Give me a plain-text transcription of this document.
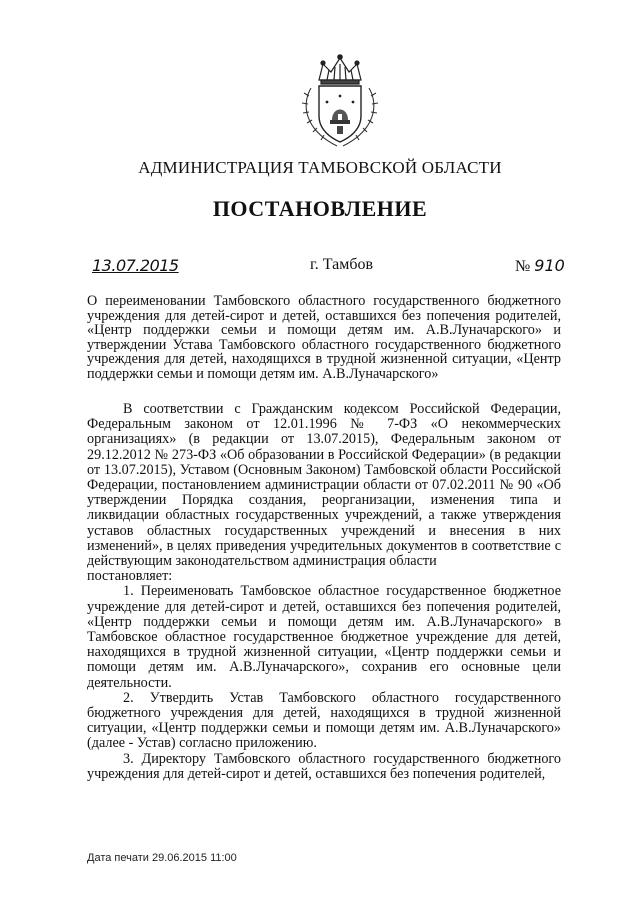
АДМИНИСТРАЦИЯ ТАМБОВСКОЙ ОБЛАСТИ
ПОСТАНОВЛЕНИЕ
13.07.2015	г. Тамбов	№ 910
О переименовании Тамбовского областного государственного бюджетного учреждения для детей-сирот и детей, оставшихся без попечения родителей, «Центр поддержки семьи и помощи детям им. А.В.Луначарского» и утверждении Устава Тамбовского областного государственного бюджетного учреждения для детей, находящихся в трудной жизненной ситуации, «Центр поддержки семьи и помощи детям им. А.В.Луначарского»

В соответствии с Гражданским кодексом Российской Федерации, Федеральным законом от 12.01.1996 № 7-ФЗ «О некоммерческих организациях» (в редакции от 13.07.2015), Федеральным законом от 29.12.2012 № 273-ФЗ «Об образовании в Российской Федерации» (в редакции от 13.07.2015), Уставом (Основным Законом) Тамбовской области Российской Федерации, постановлением администрации области от 07.02.2011 № 90 «Об утверждении Порядка создания, реорганизации, изменения типа и ликвидации областных государственных учреждений, а также утверждения уставов областных государственных учреждений и внесения в них изменений», в целях приведения учредительных документов в соответствие с действующим законодательством администрация области

постановляет:

1. Переименовать Тамбовское областное государственное бюджетное учреждение для детей-сирот и детей, оставшихся без попечения родителей, «Центр поддержки семьи и помощи детям им. А.В.Луначарского» в Тамбовское областное государственное бюджетное учреждение для детей, находящихся в трудной жизненной ситуации, «Центр поддержки семьи и помощи детям им. А.В.Луначарского», сохранив его основные цели деятельности.

2. Утвердить Устав Тамбовского областного государственного бюджетного учреждения для детей, находящихся в трудной жизненной ситуации, «Центр поддержки семьи и помощи детям им. А.В.Луначарского» (далее - Устав) согласно приложению.

3. Директору Тамбовского областного государственного бюджетного учреждения для детей-сирот и детей, оставшихся без попечения родителей,

Дата печати 29.06.2015 11:00
